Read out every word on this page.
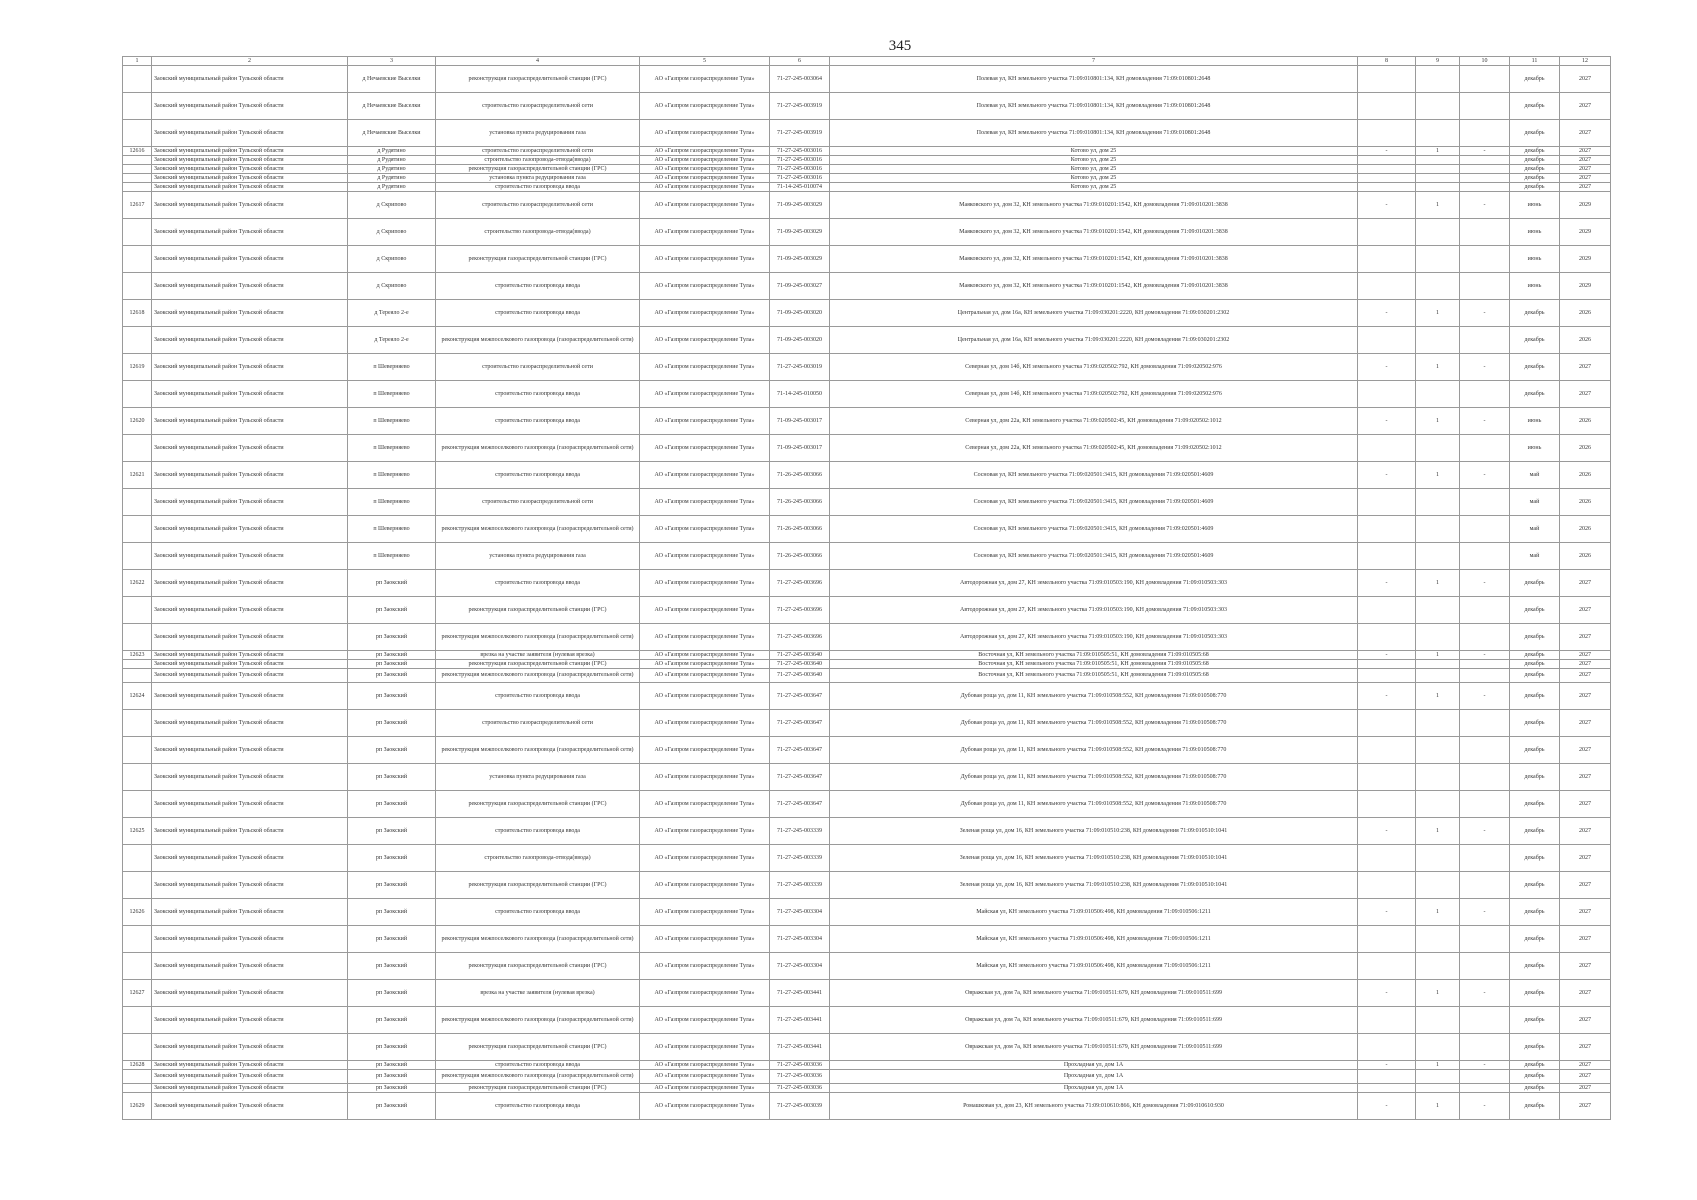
345
1	2	3	4	5	6	7	8	9	10	11	12
	Заокский муниципальный район Тульской области	д Нечаевские Выселки	реконструкция газораспределительной станции (ГРС)	АО «Газпром газораспределение Тула»	71-27-245-003064	Полевая ул, КН земельного участка 71:09:010801:134, КН домовладения 71:09:010801:2648				декабрь	2027
	Заокский муниципальный район Тульской области	д Нечаевские Выселки	строительство газораспределительной сети	АО «Газпром газораспределение Тула»	71-27-245-003919	Полевая ул, КН земельного участка 71:09:010801:134, КН домовладения 71:09:010801:2648				декабрь	2027
	Заокский муниципальный район Тульской области	д Нечаевские Выселки	установка пункта редуцирования газа	АО «Газпром газораспределение Тула»	71-27-245-003919	Полевая ул, КН земельного участка 71:09:010801:134, КН домовладения 71:09:010801:2648				декабрь	2027
12616	Заокский муниципальный район Тульской области	д Рудятино	строительство газораспределительной сети	АО «Газпром газораспределение Тула»	71-27-245-003016	Котово ул, дом 25	-	1	-	декабрь	2027
	Заокский муниципальный район Тульской области	д Рудятино	строительство газопровода-отвода(ввода)	АО «Газпром газораспределение Тула»	71-27-245-003016	Котово ул, дом 25				декабрь	2027
	Заокский муниципальный район Тульской области	д Рудятино	реконструкция газораспределительной станции (ГРС)	АО «Газпром газораспределение Тула»	71-27-245-003016	Котово ул, дом 25				декабрь	2027
	Заокский муниципальный район Тульской области	д Рудятино	установка пункта редуцирования газа	АО «Газпром газораспределение Тула»	71-27-245-003016	Котово ул, дом 25				декабрь	2027
	Заокский муниципальный район Тульской области	д Рудятино	строительство газопровода ввода	АО «Газпром газораспределение Тула»	71-14-245-010074	Котово ул, дом 25				декабрь	2027
12617	Заокский муниципальный район Тульской области	д Скрипово	строительство газораспределительной сети	АО «Газпром газораспределение Тула»	71-09-245-003029	Маяковского ул, дом 32, КН земельного участка 71:09:010201:1542, КН домовладения 71:09:010201:3838	-	1	-	июнь	2029
	Заокский муниципальный район Тульской области	д Скрипово	строительство газопровода-отвода(ввода)	АО «Газпром газораспределение Тула»	71-09-245-003029	Маяковского ул, дом 32, КН земельного участка 71:09:010201:1542, КН домовладения 71:09:010201:3838				июнь	2029
	Заокский муниципальный район Тульской области	д Скрипово	реконструкция газораспределительной станции (ГРС)	АО «Газпром газораспределение Тула»	71-09-245-003029	Маяковского ул, дом 32, КН земельного участка 71:09:010201:1542, КН домовладения 71:09:010201:3838				июнь	2029
	Заокский муниципальный район Тульской области	д Скрипово	строительство газопровода ввода	АО «Газпром газораспределение Тула»	71-09-245-003027	Маяковского ул, дом 32, КН земельного участка 71:09:010201:1542, КН домовладения 71:09:010201:3838				июнь	2029
12618	Заокский муниципальный район Тульской области	д Тереяло 2-е	строительство газопровода ввода	АО «Газпром газораспределение Тула»	71-09-245-003020	Центральная ул, дом 16а, КН земельного участка 71:09:030201:2220, КН домовладения 71:09:030201:2302	-	1	-	декабрь	2026
	Заокский муниципальный район Тульской области	д Тереяло 2-е	реконструкция межпоселкового газопровода (газораспределительной сети)	АО «Газпром газораспределение Тула»	71-09-245-003020	Центральная ул, дом 16а, КН земельного участка 71:09:030201:2220, КН домовладения 71:09:030201:2302				декабрь	2026
12619	Заокский муниципальный район Тульской области	п Шеверняево	строительство газораспределительной сети	АО «Газпром газораспределение Тула»	71-27-245-003019	Северная ул, дом 14б, КН земельного участка 71:09:020502:792, КН домовладения 71:09:020502:976	-	1	-	декабрь	2027
	Заокский муниципальный район Тульской области	п Шеверняево	строительство газопровода ввода	АО «Газпром газораспределение Тула»	71-14-245-010050	Северная ул, дом 14б, КН земельного участка 71:09:020502:792, КН домовладения 71:09:020502:976				декабрь	2027
12620	Заокский муниципальный район Тульской области	п Шеверняево	строительство газопровода ввода	АО «Газпром газораспределение Тула»	71-09-245-003017	Северная ул, дом 22а, КН земельного участка 71:09:020502:45, КН домовладения 71:09:020502:1012	-	1	-	июнь	2026
	Заокский муниципальный район Тульской области	п Шеверняево	реконструкция межпоселкового газопровода (газораспределительной сети)	АО «Газпром газораспределение Тула»	71-09-245-003017	Северная ул, дом 22а, КН земельного участка 71:09:020502:45, КН домовладения 71:09:020502:1012				июнь	2026
12621	Заокский муниципальный район Тульской области	п Шеверняево	строительство газопровода ввода	АО «Газпром газораспределение Тула»	71-26-245-003066	Сосновая ул, КН земельного участка 71:09:020501:3415, КН домовладения 71:09:020501:4609	-	1	-	май	2026
	Заокский муниципальный район Тульской области	п Шеверняево	строительство газораспределительной сети	АО «Газпром газораспределение Тула»	71-26-245-003066	Сосновая ул, КН земельного участка 71:09:020501:3415, КН домовладения 71:09:020501:4609				май	2026
	Заокский муниципальный район Тульской области	п Шеверняево	реконструкция межпоселкового газопровода (газораспределительной сети)	АО «Газпром газораспределение Тула»	71-26-245-003066	Сосновая ул, КН земельного участка 71:09:020501:3415, КН домовладения 71:09:020501:4609				май	2026
	Заокский муниципальный район Тульской области	п Шеверняево	установка пункта редуцирования газа	АО «Газпром газораспределение Тула»	71-26-245-003066	Сосновая ул, КН земельного участка 71:09:020501:3415, КН домовладения 71:09:020501:4609				май	2026
12622	Заокский муниципальный район Тульской области	рп Заокский	строительство газопровода ввода	АО «Газпром газораспределение Тула»	71-27-245-003696	Автодорожная ул, дом 27, КН земельного участка 71:09:010503:190, КН домовладения 71:09:010503:303	-	1	-	декабрь	2027
	Заокский муниципальный район Тульской области	рп Заокский	реконструкция газораспределительной станции (ГРС)	АО «Газпром газораспределение Тула»	71-27-245-003696	Автодорожная ул, дом 27, КН земельного участка 71:09:010503:190, КН домовладения 71:09:010503:303				декабрь	2027
	Заокский муниципальный район Тульской области	рп Заокский	реконструкция межпоселкового газопровода (газораспределительной сети)	АО «Газпром газораспределение Тула»	71-27-245-003696	Автодорожная ул, дом 27, КН земельного участка 71:09:010503:190, КН домовладения 71:09:010503:303				декабрь	2027
12623	Заокский муниципальный район Тульской области	рп Заокский	врезка на участке заявителя (нулевая врезка)	АО «Газпром газораспределение Тула»	71-27-245-003640	Восточная ул, КН земельного участка 71:09:010505:51, КН домовладения 71:09:010505:68	-	1	-	декабрь	2027
	Заокский муниципальный район Тульской области	рп Заокский	реконструкция газораспределительной станции (ГРС)	АО «Газпром газораспределение Тула»	71-27-245-003640	Восточная ул, КН земельного участка 71:09:010505:51, КН домовладения 71:09:010505:68				декабрь	2027
	Заокский муниципальный район Тульской области	рп Заокский	реконструкция межпоселкового газопровода (газораспределительной сети)	АО «Газпром газораспределение Тула»	71-27-245-003640	Восточная ул, КН земельного участка 71:09:010505:51, КН домовладения 71:09:010505:68				декабрь	2027
12624	Заокский муниципальный район Тульской области	рп Заокский	строительство газопровода ввода	АО «Газпром газораспределение Тула»	71-27-245-003647	Дубовая роща ул, дом 11, КН земельного участка 71:09:010508:552, КН домовладения 71:09:010508:770	-	1	-	декабрь	2027
	Заокский муниципальный район Тульской области	рп Заокский	строительство газораспределительной сети	АО «Газпром газораспределение Тула»	71-27-245-003647	Дубовая роща ул, дом 11, КН земельного участка 71:09:010508:552, КН домовладения 71:09:010508:770				декабрь	2027
	Заокский муниципальный район Тульской области	рп Заокский	реконструкция межпоселкового газопровода (газораспределительной сети)	АО «Газпром газораспределение Тула»	71-27-245-003647	Дубовая роща ул, дом 11, КН земельного участка 71:09:010508:552, КН домовладения 71:09:010508:770				декабрь	2027
	Заокский муниципальный район Тульской области	рп Заокский	установка пункта редуцирования газа	АО «Газпром газораспределение Тула»	71-27-245-003647	Дубовая роща ул, дом 11, КН земельного участка 71:09:010508:552, КН домовладения 71:09:010508:770				декабрь	2027
	Заокский муниципальный район Тульской области	рп Заокский	реконструкция газораспределительной станции (ГРС)	АО «Газпром газораспределение Тула»	71-27-245-003647	Дубовая роща ул, дом 11, КН земельного участка 71:09:010508:552, КН домовладения 71:09:010508:770				декабрь	2027
12625	Заокский муниципальный район Тульской области	рп Заокский	строительство газопровода ввода	АО «Газпром газораспределение Тула»	71-27-245-003339	Зеленая роща ул, дом 16, КН земельного участка 71:09:010510:238, КН домовладения 71:09:010510:1041	-	1	-	декабрь	2027
	Заокский муниципальный район Тульской области	рп Заокский	строительство газопровода-отвода(ввода)	АО «Газпром газораспределение Тула»	71-27-245-003339	Зеленая роща ул, дом 16, КН земельного участка 71:09:010510:238, КН домовладения 71:09:010510:1041				декабрь	2027
	Заокский муниципальный район Тульской области	рп Заокский	реконструкция газораспределительной станции (ГРС)	АО «Газпром газораспределение Тула»	71-27-245-003339	Зеленая роща ул, дом 16, КН земельного участка 71:09:010510:238, КН домовладения 71:09:010510:1041				декабрь	2027
12626	Заокский муниципальный район Тульской области	рп Заокский	строительство газопровода ввода	АО «Газпром газораспределение Тула»	71-27-245-003304	Майская ул, КН земельного участка 71:09:010506:498, КН домовладения 71:09:010506:1211	-	1	-	декабрь	2027
	Заокский муниципальный район Тульской области	рп Заокский	реконструкция межпоселкового газопровода (газораспределительной сети)	АО «Газпром газораспределение Тула»	71-27-245-003304	Майская ул, КН земельного участка 71:09:010506:498, КН домовладения 71:09:010506:1211				декабрь	2027
	Заокский муниципальный район Тульской области	рп Заокский	реконструкция газораспределительной станции (ГРС)	АО «Газпром газораспределение Тула»	71-27-245-003304	Майская ул, КН земельного участка 71:09:010506:498, КН домовладения 71:09:010506:1211				декабрь	2027
12627	Заокский муниципальный район Тульской области	рп Заокский	врезка на участке заявителя (нулевая врезка)	АО «Газпром газораспределение Тула»	71-27-245-003441	Овражская ул, дом 7а, КН земельного участка 71:09:010511:679, КН домовладения 71:09:010511:699	-	1	-	декабрь	2027
	Заокский муниципальный район Тульской области	рп Заокский	реконструкция межпоселкового газопровода (газораспределительной сети)	АО «Газпром газораспределение Тула»	71-27-245-003441	Овражская ул, дом 7а, КН земельного участка 71:09:010511:679, КН домовладения 71:09:010511:699				декабрь	2027
	Заокский муниципальный район Тульской области	рп Заокский	реконструкция газораспределительной станции (ГРС)	АО «Газпром газораспределение Тула»	71-27-245-003441	Овражская ул, дом 7а, КН земельного участка 71:09:010511:679, КН домовладения 71:09:010511:699				декабрь	2027
12628	Заокский муниципальный район Тульской области	рп Заокский	строительство газопровода ввода	АО «Газпром газораспределение Тула»	71-27-245-003036	Прохладная ул, дом 1А	-	1	-	декабрь	2027
	Заокский муниципальный район Тульской области	рп Заокский	реконструкция межпоселкового газопровода (газораспределительной сети)	АО «Газпром газораспределение Тула»	71-27-245-003036	Прохладная ул, дом 1А				декабрь	2027
	Заокский муниципальный район Тульской области	рп Заокский	реконструкция газораспределительной станции (ГРС)	АО «Газпром газораспределение Тула»	71-27-245-003036	Прохладная ул, дом 1А				декабрь	2027
12629	Заокский муниципальный район Тульской области	рп Заокский	строительство газопровода ввода	АО «Газпром газораспределение Тула»	71-27-245-003039	Ромашковая ул, дом 23, КН земельного участка 71:09:010610:866, КН домовладения 71:09:010610:930	-	1	-	декабрь	2027
